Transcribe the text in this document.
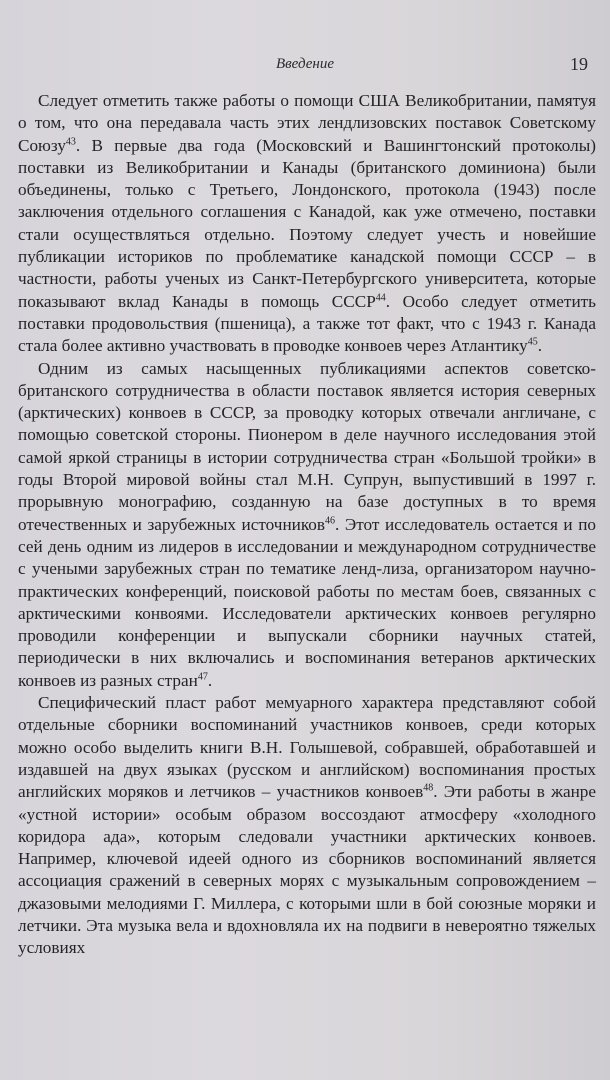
Введение	19

Следует отметить также работы о помощи США Великобритании, памятуя о том, что она передавала часть этих лендлизовских поставок Советскому Союзу$^{43}$. В первые два года (Московский и Вашингтонский протоколы) поставки из Великобритании и Канады (британского доминиона) были объединены, только с Третьего, Лондонского, протокола (1943) после заключения отдельного соглашения с Канадой, как уже отмечено, поставки стали осуществляться отдельно. Поэтому следует учесть и новейшие публикации историков по проблематике канадской помощи СССР – в частности, работы ученых из Санкт-Петербургского университета, которые показывают вклад Канады в помощь СССР$^{44}$. Особо следует отметить поставки продовольствия (пшеница), а также тот факт, что с 1943 г. Канада стала более активно участвовать в проводке конвоев через Атлантику$^{45}$.

Одним из самых насыщенных публикациями аспектов советско-британского сотрудничества в области поставок является история северных (арктических) конвоев в СССР, за проводку которых отвечали англичане, с помощью советской стороны. Пионером в деле научного исследования этой самой яркой страницы в истории сотрудничества стран «Большой тройки» в годы Второй мировой войны стал М.Н. Супрун, выпустивший в 1997 г. прорывную монографию, созданную на базе доступных в то время отечественных и зарубежных источников$^{46}$. Этот исследователь остается и по сей день одним из лидеров в исследовании и международном сотрудничестве с учеными зарубежных стран по тематике ленд-лиза, организатором научно-практических конференций, поисковой работы по местам боев, связанных с арктическими конвоями. Исследователи арктических конвоев регулярно проводили конференции и выпускали сборники научных статей, периодически в них включались и воспоминания ветеранов арктических конвоев из разных стран$^{47}$.

Специфический пласт работ мемуарного характера представляют собой отдельные сборники воспоминаний участников конвоев, среди которых можно особо выделить книги В.Н. Голышевой, собравшей, обработавшей и издавшей на двух языках (русском и английском) воспоминания простых английских моряков и летчиков – участников конвоев$^{48}$. Эти работы в жанре «устной истории» особым образом воссоздают атмосферу «холодного коридора ада», которым следовали участники арктических конвоев. Например, ключевой идеей одного из сборников воспоминаний является ассоциация сражений в северных морях с музыкальным сопровождением – джазовыми мелодиями Г. Миллера, с которыми шли в бой союзные моряки и летчики. Эта музыка вела и вдохновляла их на подвиги в невероятно тяжелых условиях
